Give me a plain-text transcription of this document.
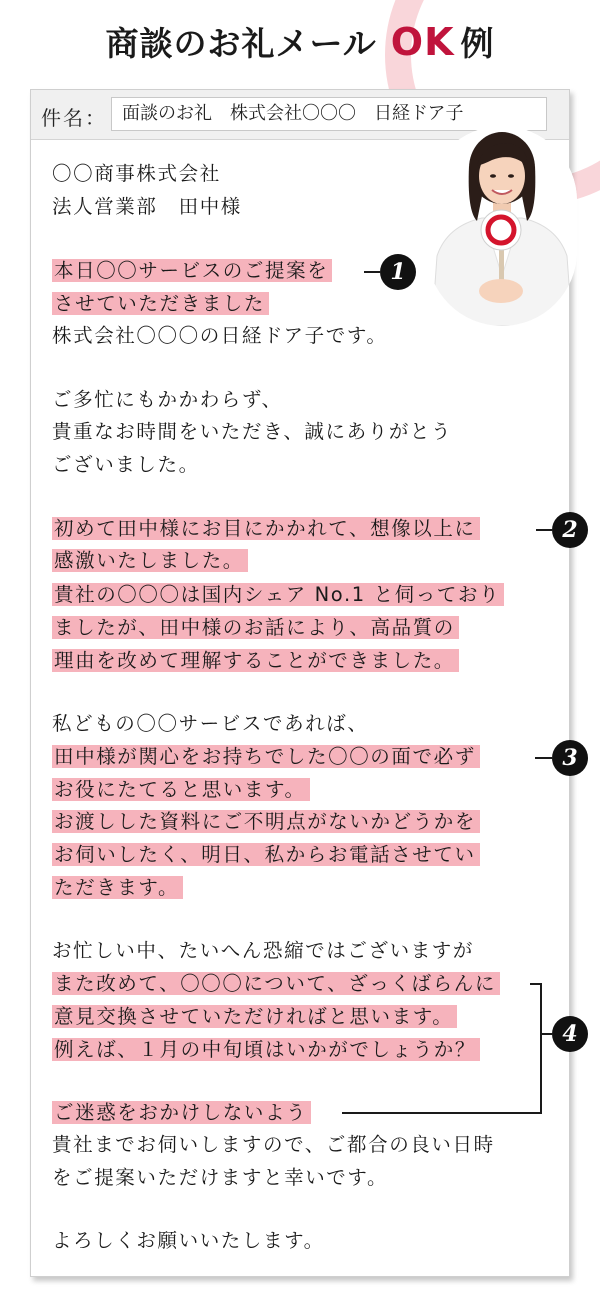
商談のお礼メール OK 例
件名： 面談のお礼　株式会社〇〇〇　日経ドア子
〇〇商事株式会社
法人営業部　田中様
本日〇〇サービスのご提案を
させていただきました
株式会社〇〇〇の日経ドア子です。
ご多忙にもかかわらず、
貴重なお時間をいただき、誠にありがとう
ございました。
初めて田中様にお目にかかれて、想像以上に
感激いたしました。
貴社の〇〇〇は国内シェア No.1 と伺っており
ましたが、田中様のお話により、高品質の
理由を改めて理解することができました。
私どもの〇〇サービスであれば、
田中様が関心をお持ちでした〇〇の面で必ず
お役にたてると思います。
お渡しした資料にご不明点がないかどうかを
お伺いしたく、明日、私からお電話させてい
ただきます。
お忙しい中、たいへん恐縮ではございますが
また改めて、〇〇〇について、ざっくばらんに
意見交換させていただければと思います。
例えば、１月の中旬頃はいかがでしょうか？
ご迷惑をおかけしないよう
貴社までお伺いしますので、ご都合の良い日時
をご提案いただけますと幸いです。
よろしくお願いいたします。
1
2
3
4
